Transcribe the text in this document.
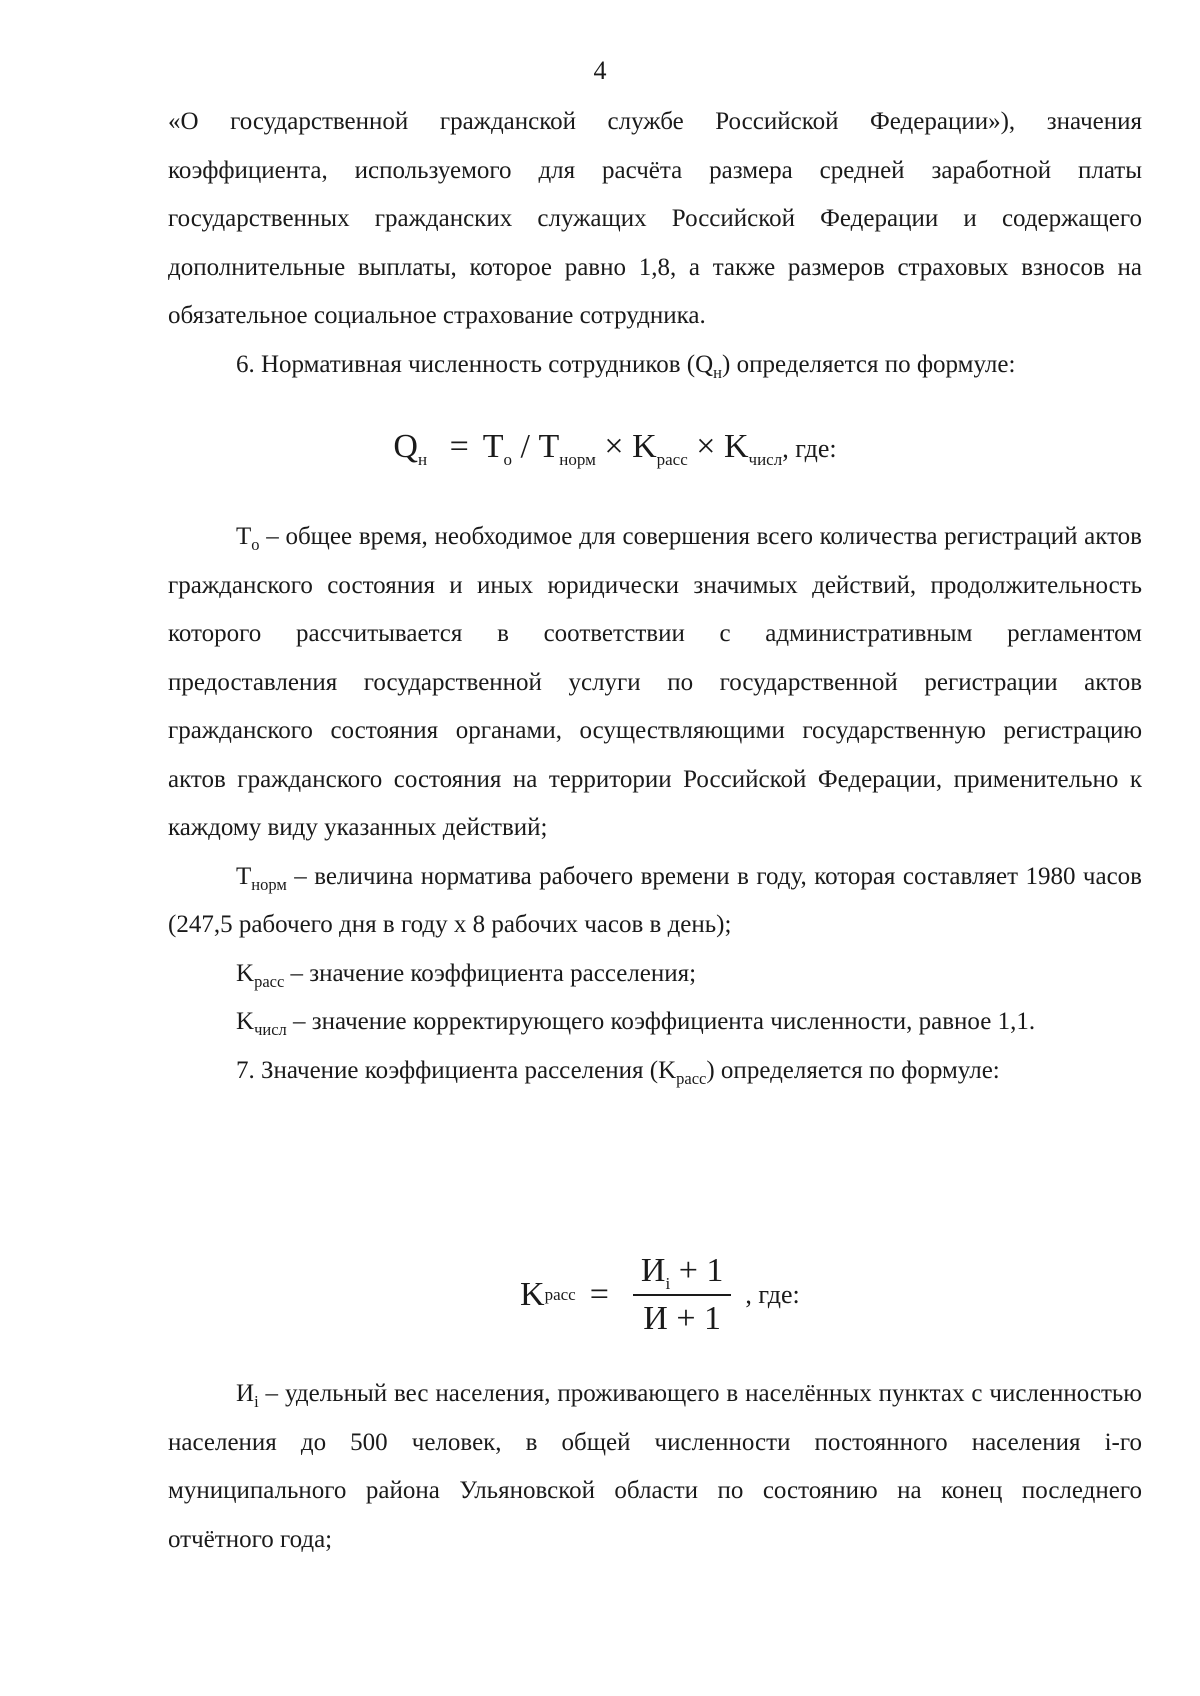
4

«О государственной гражданской службе Российской Федерации»), значения коэффициента, используемого для расчёта размера средней заработной платы государственных гражданских служащих Российской Федерации и содержащего дополнительные выплаты, которое равно 1,8, а также размеров страховых взносов на обязательное социальное страхование сотрудника.

6. Нормативная численность сотрудников $(Q_н)$ определяется по формуле:

$Q_н = T_о / T_{норм} \times K_{расс} \times K_{числ}$, где:

$T_о$ – общее время, необходимое для совершения всего количества регистраций актов гражданского состояния и иных юридически значимых действий, продолжительность которого рассчитывается в соответствии с административным регламентом предоставления государственной услуги по государственной регистрации актов гражданского состояния органами, осуществляющими государственную регистрацию актов гражданского состояния на территории Российской Федерации, применительно к каждому виду указанных действий;

$T_{норм}$ – величина норматива рабочего времени в году, которая составляет 1980 часов (247,5 рабочего дня в году х 8 рабочих часов в день);

$K_{расс}$ – значение коэффициента расселения;

$K_{числ}$ – значение корректирующего коэффициента численности, равное 1,1.

7. Значение коэффициента расселения $(K_{расс})$ определяется по формуле:

K расс = $\frac{И_i + 1}{И + 1}$ , где:

$И_i$ – удельный вес населения, проживающего в населённых пунктах с численностью населения до 500 человек, в общей численности постоянного населения i-го муниципального района Ульяновской области по состоянию на конец последнего отчётного года;
